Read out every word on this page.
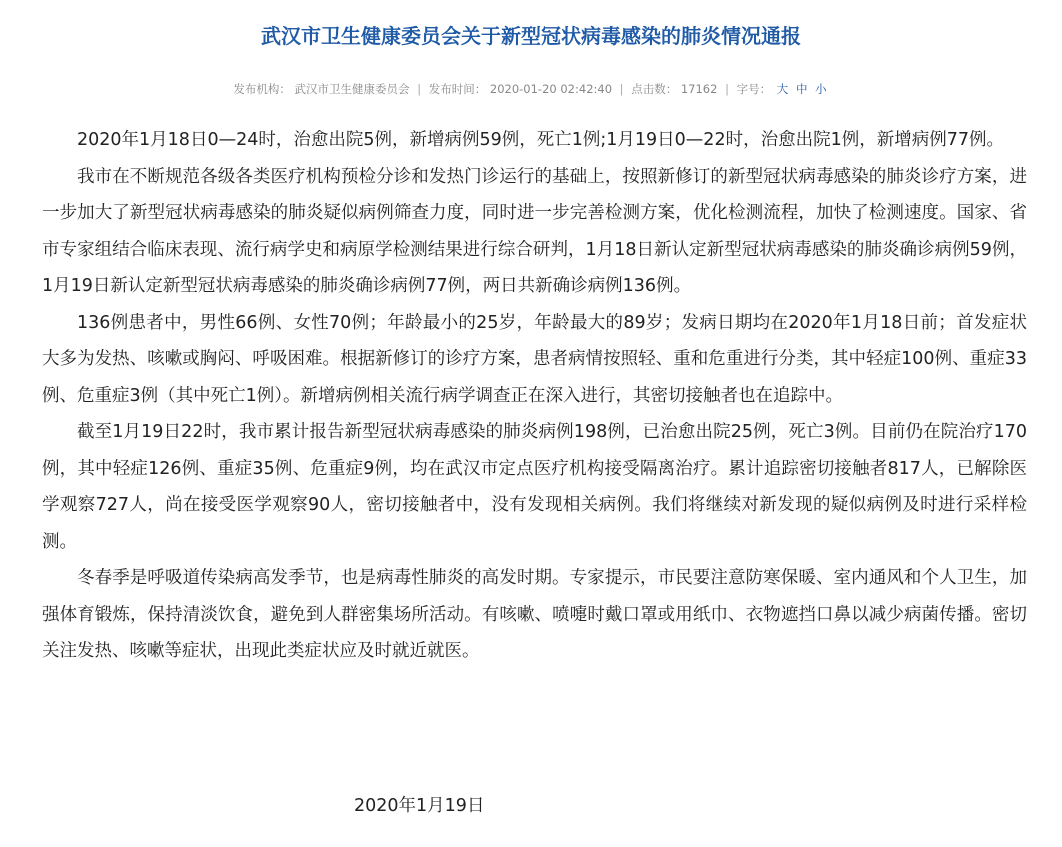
武汉市卫生健康委员会关于新型冠状病毒感染的肺炎情况通报
发布机构： 武汉市卫生健康委员会 | 发布时间： 2020-01-20 02:42:40 | 点击数： 17162 | 字号： 大 中 小

2020年1月18日0—24时，治愈出院5例，新增病例59例，死亡1例;1月19日0—22时，治愈出院1例，新增病例77例。

我市在不断规范各级各类医疗机构预检分诊和发热门诊运行的基础上，按照新修订的新型冠状病毒感染的肺炎诊疗方案，进一步加大了新型冠状病毒感染的肺炎疑似病例筛查力度，同时进一步完善检测方案，优化检测流程，加快了检测速度。国家、省市专家组结合临床表现、流行病学史和病原学检测结果进行综合研判，1月18日新认定新型冠状病毒感染的肺炎确诊病例59例，1月19日新认定新型冠状病毒感染的肺炎确诊病例77例，两日共新确诊病例136例。

136例患者中，男性66例、女性70例；年龄最小的25岁，年龄最大的89岁；发病日期均在2020年1月18日前；首发症状大多为发热、咳嗽或胸闷、呼吸困难。根据新修订的诊疗方案，患者病情按照轻、重和危重进行分类，其中轻症100例、重症33例、危重症3例（其中死亡1例）。新增病例相关流行病学调查正在深入进行，其密切接触者也在追踪中。

截至1月19日22时，我市累计报告新型冠状病毒感染的肺炎病例198例，已治愈出院25例，死亡3例。目前仍在院治疗170例，其中轻症126例、重症35例、危重症9例，均在武汉市定点医疗机构接受隔离治疗。累计追踪密切接触者817人，已解除医学观察727人，尚在接受医学观察90人，密切接触者中，没有发现相关病例。我们将继续对新发现的疑似病例及时进行采样检测。

冬春季是呼吸道传染病高发季节，也是病毒性肺炎的高发时期。专家提示，市民要注意防寒保暖、室内通风和个人卫生，加强体育锻炼，保持清淡饮食，避免到人群密集场所活动。有咳嗽、喷嚏时戴口罩或用纸巾、衣物遮挡口鼻以减少病菌传播。密切关注发热、咳嗽等症状，出现此类症状应及时就近就医。

2020年1月19日
